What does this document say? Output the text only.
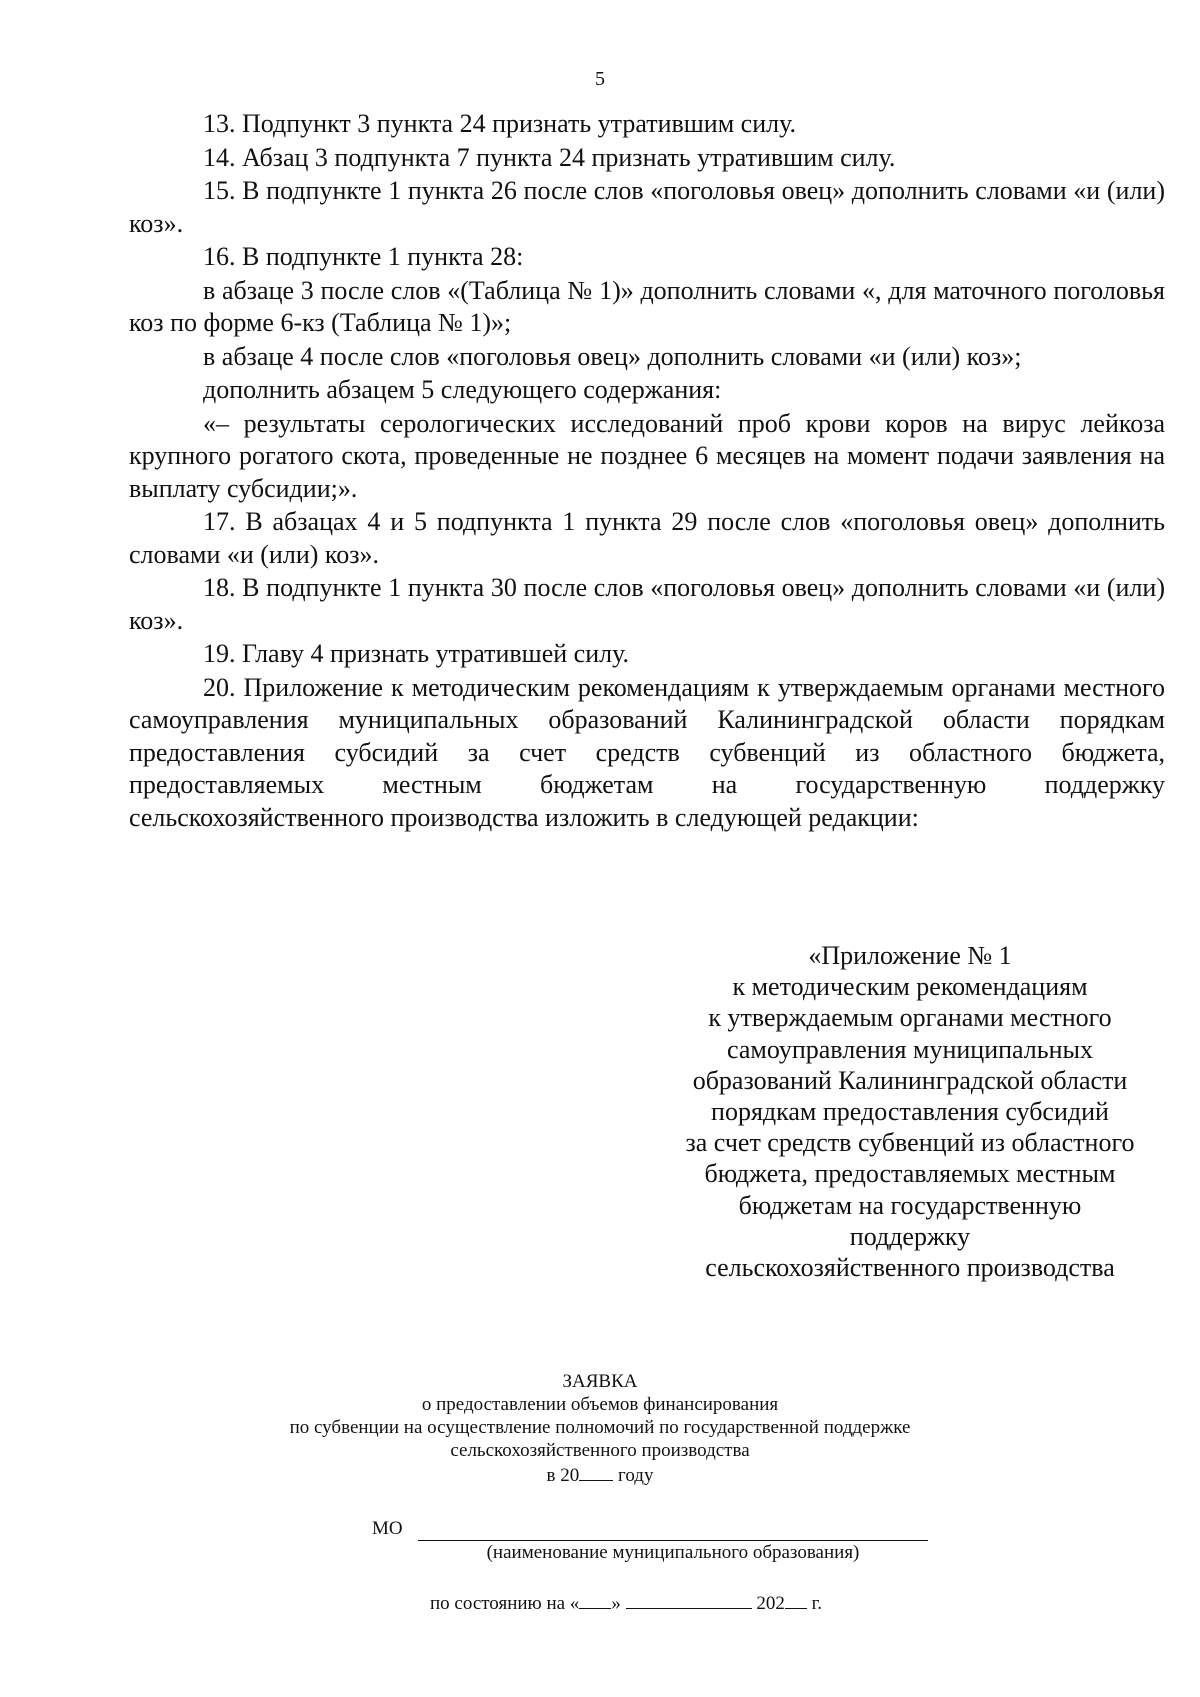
5

13. Подпункт 3 пункта 24 признать утратившим силу.

14. Абзац 3 подпункта 7 пункта 24 признать утратившим силу.

15. В подпункте 1 пункта 26 после слов «поголовья овец» дополнить словами «и (или) коз».

16. В подпункте 1 пункта 28:

в абзаце 3 после слов «(Таблица № 1)» дополнить словами «, для маточного поголовья коз по форме 6-кз (Таблица № 1)»;

в абзаце 4 после слов «поголовья овец» дополнить словами «и (или) коз»;

дополнить абзацем 5 следующего содержания:

«– результаты серологических исследований проб крови коров на вирус лейкоза крупного рогатого скота, проведенные не позднее 6 месяцев на момент подачи заявления на выплату субсидии;».

17. В абзацах 4 и 5 подпункта 1 пункта 29 после слов «поголовья овец» дополнить словами «и (или) коз».

18. В подпункте 1 пункта 30 после слов «поголовья овец» дополнить словами «и (или) коз».

19. Главу 4 признать утратившей силу.

20. Приложение к методическим рекомендациям к утверждаемым органами местного самоуправления муниципальных образований Калининградской области порядкам предоставления субсидий за счет средств субвенций из областного бюджета, предоставляемых местным бюджетам на государственную поддержку сельскохозяйственного производства изложить в следующей редакции:

«Приложение № 1
к методическим рекомендациям
к утверждаемым органами местного
самоуправления муниципальных
образований Калининградской области
порядкам предоставления субсидий
за счет средств субвенций из областного
бюджета, предоставляемых местным
бюджетам на государственную
поддержку
сельскохозяйственного производства
ЗАЯВКА
о предоставлении объемов финансирования
по субвенции на осуществление полномочий по государственной поддержке
сельскохозяйственного производства
в 20 году
МО
(наименование муниципального образования)
по состоянию на « »	202 г.
